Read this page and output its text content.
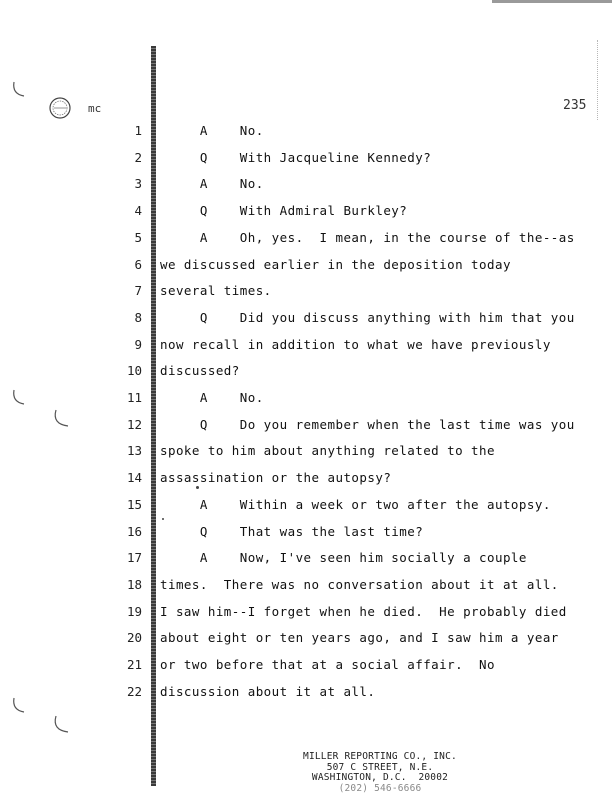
mc	235
1 A    No.
2 Q    With Jacqueline Kennedy?
3 A    No.
4 Q    With Admiral Burkley?
5 A    Oh, yes.  I mean, in the course of the--as
6 we discussed earlier in the deposition today
7 several times.
8 Q    Did you discuss anything with him that you
9 now recall in addition to what we have previously
10 discussed?
11 A    No.
12 Q    Do you remember when the last time was you
13 spoke to him about anything related to the
14 assassination or the autopsy?
15 A    Within a week or two after the autopsy.
16 Q    That was the last time?
17 A    Now, I've seen him socially a couple
18 times.  There was no conversation about it at all.
19 I saw him--I forget when he died.  He probably died
20 about eight or ten years ago, and I saw him a year
21 or two before that at a social affair.  No
22 discussion about it at all.
MILLER REPORTING CO., INC.
507 C STREET, N.E.
WASHINGTON, D.C.  20002
(202) 546-6666
